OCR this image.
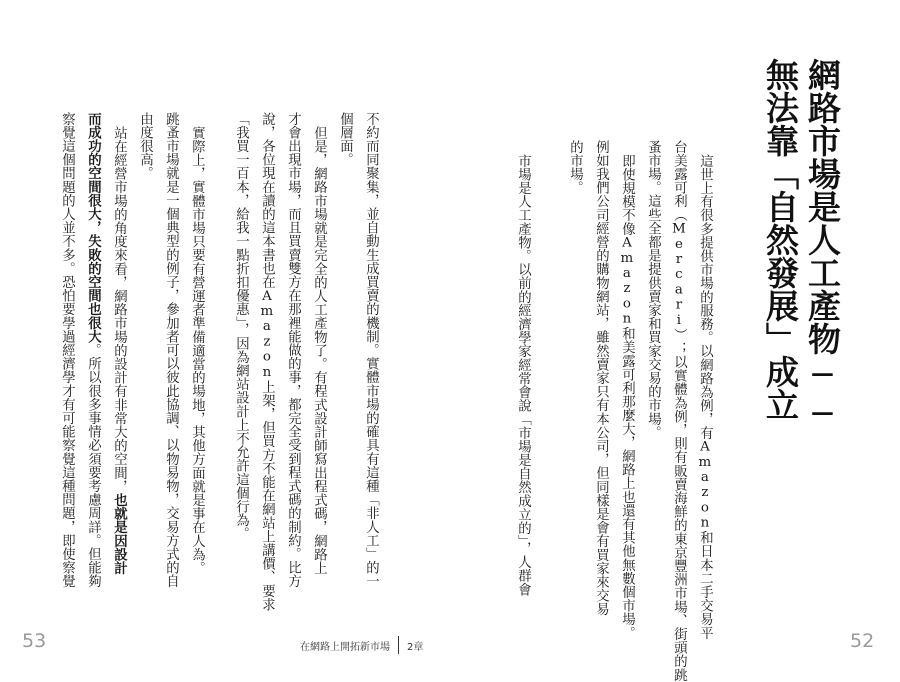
網路市場是人工產物──
無法靠「自然發展」成立
這世上有很多提供市場的服務。以網路為例，有Amazon和日本二手交易平
台美露可利（Mercari）；以實體為例，則有販賣海鮮的東京豐洲市場、街頭的跳
蚤市場。這些全都是提供賣家和買家交易的市場。
即使規模不像Amazon和美露可利那麼大，網路上也還有其他無數個市場。
例如我們公司經營的購物網站，雖然賣家只有本公司，但同樣是會有買家來交易
的市場。
市場是人工產物。以前的經濟學家經常會說「市場是自然成立的」，人群會
不約而同聚集，並自動生成買賣的機制。實體市場的確具有這種「非人工」的一
個層面。
但是，網路市場就是完全的人工產物了。有程式設計師寫出程式碼，網路上
才會出現市場，而且買賣雙方在那裡能做的事，都完全受到程式碼的制約。比方
說，各位現在讀的這本書也在Amazon上架，但買方不能在網站上講價、要求
「我買一百本，給我一點折扣優惠」，因為網站設計上不允許這個行為。
實際上，實體市場只要有營運者準備適當的場地，其他方面就是事在人為。
跳蚤市場就是一個典型的例子，參加者可以彼此協調、以物易物，交易方式的自
由度很高。
站在經營市場的角度來看，網路市場的設計有非常大的空間，也就是因設計
而成功的空間很大，失敗的空間也很大。所以很多事情必須要考慮周詳。但能夠
察覺這個問題的人並不多。恐怕要學過經濟學才有可能察覺這種問題，即使察覺
53	在網路上開拓新市場 2章	52
